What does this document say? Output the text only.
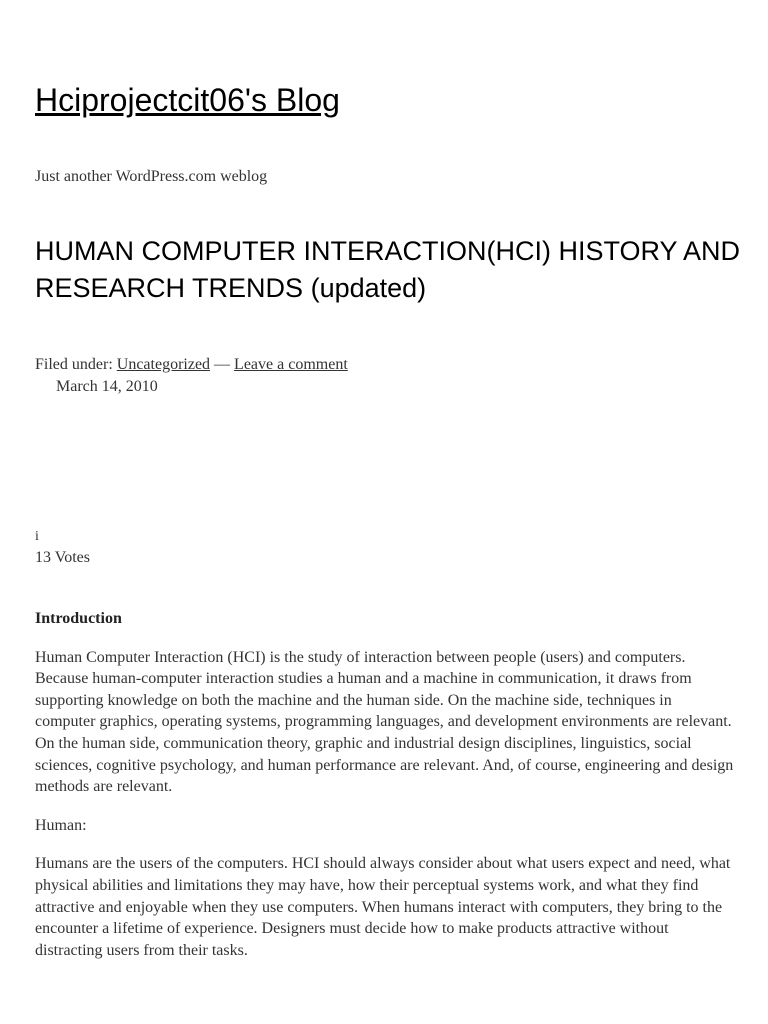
Hciprojectcit06's Blog

Just another WordPress.com weblog

HUMAN COMPUTER INTERACTION(HCI) HISTORY AND RESEARCH TRENDS (updated)
Filed under: Uncategorized — Leave a comment
March 14, 2010
i
13 Votes

Introduction

Human Computer Interaction (HCI) is the study of interaction between people (users) and computers. Because human-computer interaction studies a human and a machine in communication, it draws from supporting knowledge on both the machine and the human side. On the machine side, techniques in computer graphics, operating systems, programming languages, and development environments are relevant. On the human side, communication theory, graphic and industrial design disciplines, linguistics, social sciences, cognitive psychology, and human performance are relevant. And, of course, engineering and design methods are relevant.

Human:

Humans are the users of the computers. HCI should always consider about what users expect and need, what physical abilities and limitations they may have, how their perceptual systems work, and what they find attractive and enjoyable when they use computers. When humans interact with computers, they bring to the encounter a lifetime of experience. Designers must decide how to make products attractive without distracting users from their tasks.
